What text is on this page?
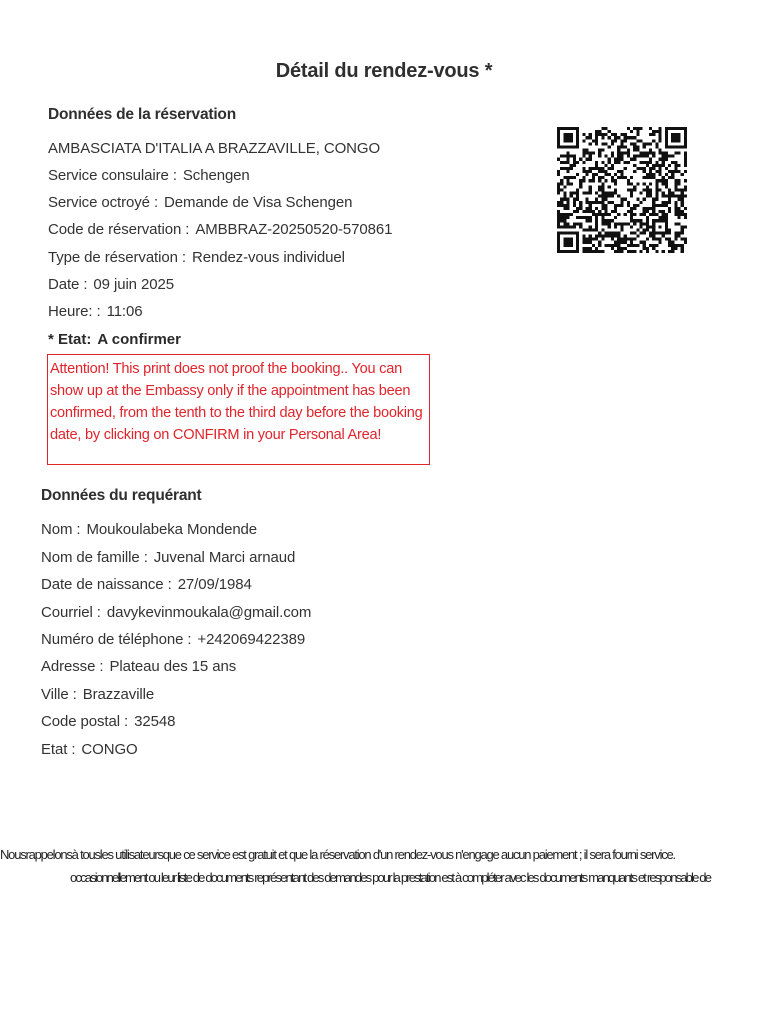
Détail du rendez-vous *
Données de la réservation
AMBASCIATA D'ITALIA A BRAZZAVILLE, CONGO
Service consulaire : Schengen
Service octroyé : Demande de Visa Schengen
Code de réservation : AMBBRAZ-20250520-570861
Type de réservation : Rendez-vous individuel
Date : 09 juin 2025
Heure: : 11:06
* Etat: A confirmer
Attention! This print does not proof the booking.. You can show up at the Embassy only if the appointment has been confirmed, from the tenth to the third day before the booking date, by clicking on CONFIRM in your Personal Area!
Données du requérant
Nom : Moukoulabeka Mondende
Nom de famille : Juvenal Marci arnaud
Date de naissance : 27/09/1984
Courriel : davykevinmoukala@gmail.com
Numéro de téléphone : +242069422389
Adresse : Plateau des 15 ans
Ville : Brazzaville
Code postal : 32548
Etat : CONGO
Nousrappelonsà tousles utilisateursque ce service est gratuit et que la réservation d'un rendez-vous n'engage aucun paiement ; il sera fourni service.
occasionnellement ou leur liste de documents représentant des demandes pour la prestation est à compléter avec les documents manquants et responsable de
